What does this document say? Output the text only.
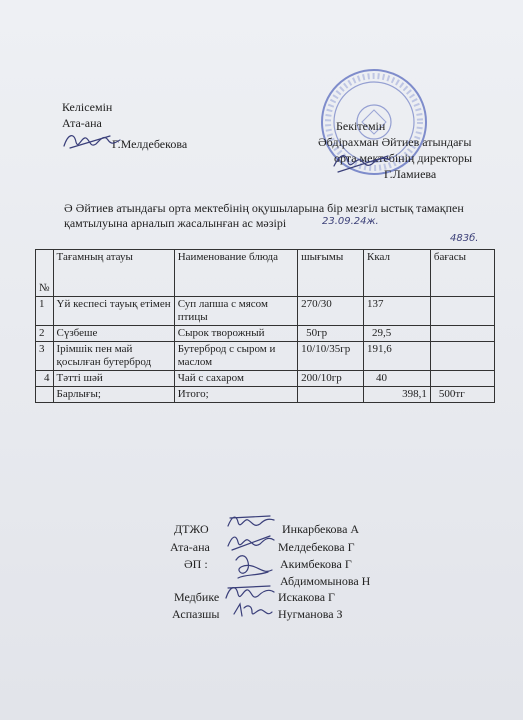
Келісемін
Ата-ана
Г.Мелдебекова
Бекітемін
Әбдірахман Әйтиев атындағы
орта мектебінің директоры
Г.Ламиева
Ә Әйтиев атындағы орта мектебінің оқушыларына бір мезгіл ыстық тамақпен
қамтылуына арналып жасалынған ас мәзірі	23.09.24ж.
483б.
№	Тағамның атауы	Наименование блюда	шығымы	Ккал	бағасы
1	Үй кеспесі тауық етімен	Суп лапша с мясом птицы	270/30	137	
2	Сүзбеше	Сырок творожный	50гр	29,5	
3	Ірімшік пен май қосылған бутерброд	Бутерброд с сыром и маслом	10/10/35гр	191,6	
4	Тәтті шәй	Чай с сахаром	200/10гр	40	
	Барлығы;	Итого;		398,1	500тг
ДТЖО	Инкарбекова А
Ата-ана	Мелдебекова Г
ӘП :	Акимбекова Г
Абдимомынова Н
Медбике	Искакова Г
Аспазшы	Нугманова З
